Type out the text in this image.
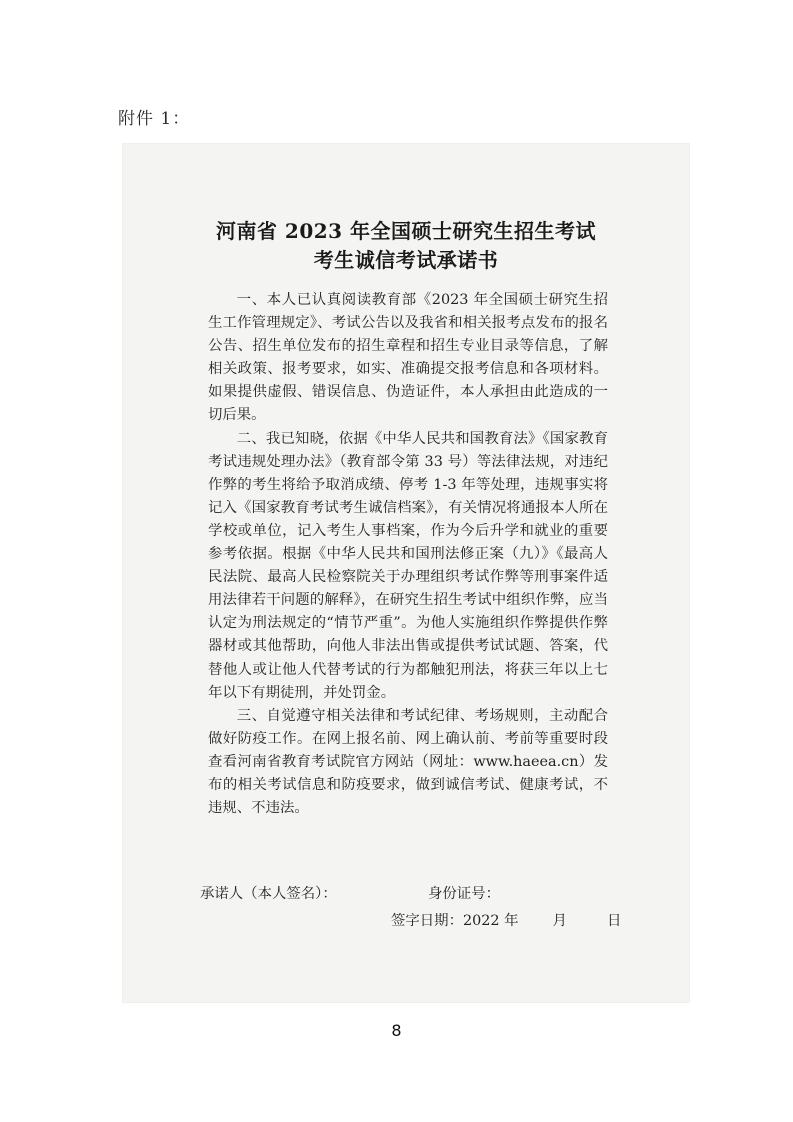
附件 1：
河南省 2023 年全国硕士研究生招生考试
考生诚信考试承诺书

一、本人已认真阅读教育部《2023 年全国硕士研究生招生工作管理规定》、考试公告以及我省和相关报考点发布的报名公告、招生单位发布的招生章程和招生专业目录等信息，了解相关政策、报考要求，如实、准确提交报考信息和各项材料。如果提供虚假、错误信息、伪造证件，本人承担由此造成的一切后果。

二、我已知晓，依据《中华人民共和国教育法》《国家教育考试违规处理办法》（教育部令第 33 号）等法律法规，对违纪作弊的考生将给予取消成绩、停考 1-3 年等处理，违规事实将记入《国家教育考试考生诚信档案》，有关情况将通报本人所在学校或单位，记入考生人事档案，作为今后升学和就业的重要参考依据。根据《中华人民共和国刑法修正案（九）》《最高人民法院、最高人民检察院关于办理组织考试作弊等刑事案件适用法律若干问题的解释》，在研究生招生考试中组织作弊，应当认定为刑法规定的“情节严重”。为他人实施组织作弊提供作弊器材或其他帮助，向他人非法出售或提供考试试题、答案，代替他人或让他人代替考试的行为都触犯刑法，将获三年以上七年以下有期徒刑，并处罚金。

三、自觉遵守相关法律和考试纪律、考场规则，主动配合做好防疫工作。在网上报名前、网上确认前、考前等重要时段查看河南省教育考试院官方网站（网址：www.haeea.cn）发布的相关考试信息和防疫要求，做到诚信考试、健康考试，不违规、不违法。

承诺人（本人签名）：	身份证号：
签字日期：2022 年 月	日
8
